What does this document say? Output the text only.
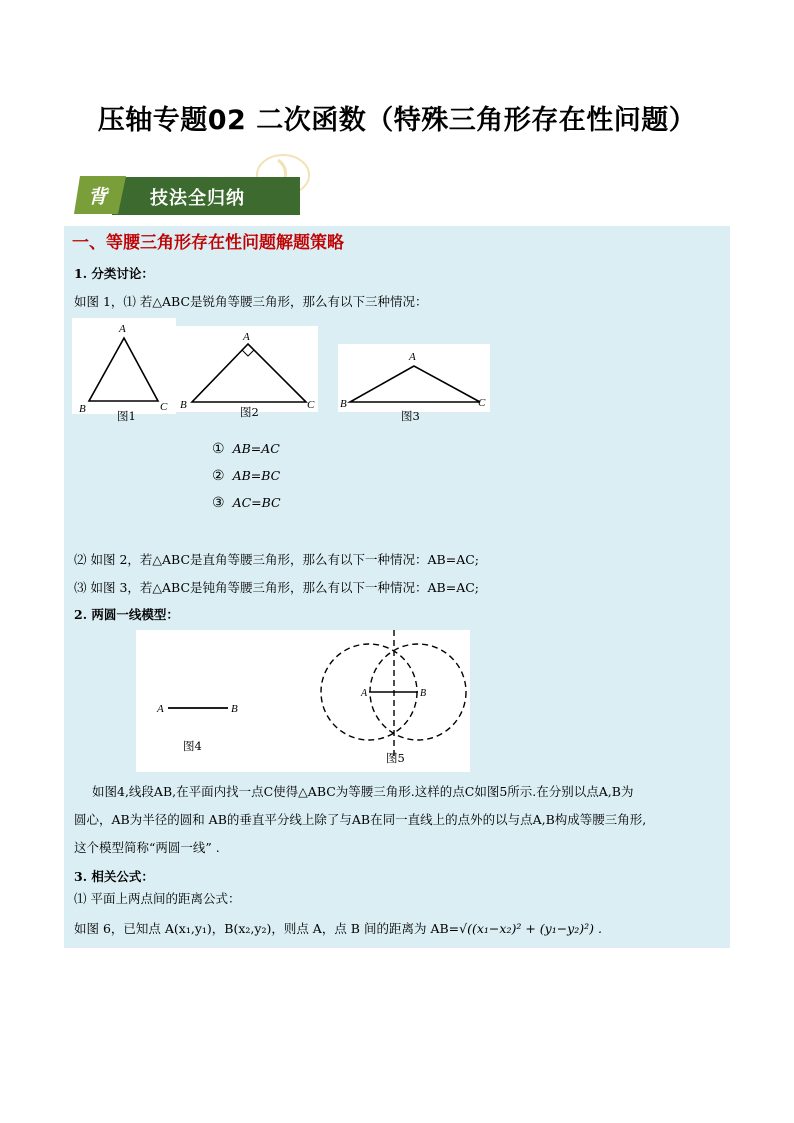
压轴专题02 二次函数（特殊三角形存在性问题）
背 技法全归纳
一、等腰三角形存在性问题解题策略
1. 分类讨论：
如图 1，⑴ 若△ABC是锐角等腰三角形，那么有以下三种情况：
A
B	C
图1
A
B	C
图2
A
B	C
图3
① AB=AC
② AB=BC
③ AC=BC
⑵ 如图 2，若△ABC是直角等腰三角形，那么有以下一种情况：AB=AC;
⑶ 如图 3，若△ABC是钝角等腰三角形，那么有以下一种情况：AB=AC;
2. 两圆一线模型：
A	B
A	B
图4
图5
如图4,线段AB,在平面内找一点C使得△ABC为等腰三角形.这样的点C如图5所示.在分别以点A,B为
圆心，AB为半径的圆和 AB的垂直平分线上除了与AB在同一直线上的点外的以与点A,B构成等腰三角形,
这个模型简称“两圆一线” .
3. 相关公式：
⑴ 平面上两点间的距离公式：
如图 6，已知点 A(x₁,y₁)，B(x₂,y₂)，则点 A，点 B 间的距离为 AB=√((x₁−x₂)² + (y₁−y₂)²) .
